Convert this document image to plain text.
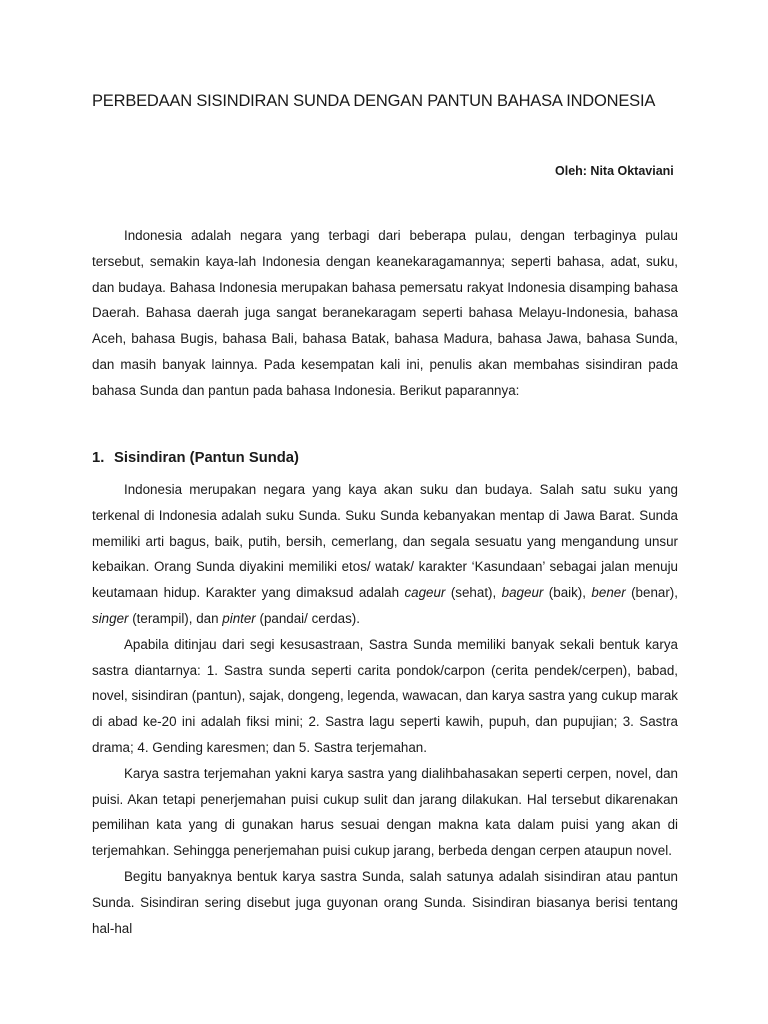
PERBEDAAN SISINDIRAN SUNDA DENGAN PANTUN BAHASA INDONESIA
Oleh: Nita Oktaviani

Indonesia adalah negara yang terbagi dari beberapa pulau, dengan terbaginya pulau tersebut, semakin kaya-lah Indonesia dengan keanekaragamannya; seperti bahasa, adat, suku, dan budaya. Bahasa Indonesia merupakan bahasa pemersatu rakyat Indonesia disamping bahasa Daerah. Bahasa daerah juga sangat beranekaragam seperti bahasa Melayu-Indonesia, bahasa Aceh, bahasa Bugis, bahasa Bali, bahasa Batak, bahasa Madura, bahasa Jawa, bahasa Sunda, dan masih banyak lainnya. Pada kesempatan kali ini, penulis akan membahas sisindiran pada bahasa Sunda dan pantun pada bahasa Indonesia. Berikut paparannya:

1. Sisindiran (Pantun Sunda)

Indonesia merupakan negara yang kaya akan suku dan budaya. Salah satu suku yang terkenal di Indonesia adalah suku Sunda. Suku Sunda kebanyakan mentap di Jawa Barat. Sunda memiliki arti bagus, baik, putih, bersih, cemerlang, dan segala sesuatu yang mengandung unsur kebaikan. Orang Sunda diyakini memiliki etos/ watak/ karakter ‘Kasundaan’ sebagai jalan menuju keutamaan hidup. Karakter yang dimaksud adalah cageur (sehat), bageur (baik), bener (benar), singer (terampil), dan pinter (pandai/ cerdas).

Apabila ditinjau dari segi kesusastraan, Sastra Sunda memiliki banyak sekali bentuk karya sastra diantarnya: 1. Sastra sunda seperti carita pondok/carpon (cerita pendek/cerpen), babad, novel, sisindiran (pantun), sajak, dongeng, legenda, wawacan, dan karya sastra yang cukup marak di abad ke-20 ini adalah fiksi mini; 2. Sastra lagu seperti kawih, pupuh, dan pupujian; 3. Sastra drama; 4. Gending karesmen; dan 5. Sastra terjemahan.

Karya sastra terjemahan yakni karya sastra yang dialihbahasakan seperti cerpen, novel, dan puisi. Akan tetapi penerjemahan puisi cukup sulit dan jarang dilakukan. Hal tersebut dikarenakan pemilihan kata yang di gunakan harus sesuai dengan makna kata dalam puisi yang akan di terjemahkan. Sehingga penerjemahan puisi cukup jarang, berbeda dengan cerpen ataupun novel.

Begitu banyaknya bentuk karya sastra Sunda, salah satunya adalah sisindiran atau pantun Sunda. Sisindiran sering disebut juga guyonan orang Sunda. Sisindiran biasanya berisi tentang hal-hal
